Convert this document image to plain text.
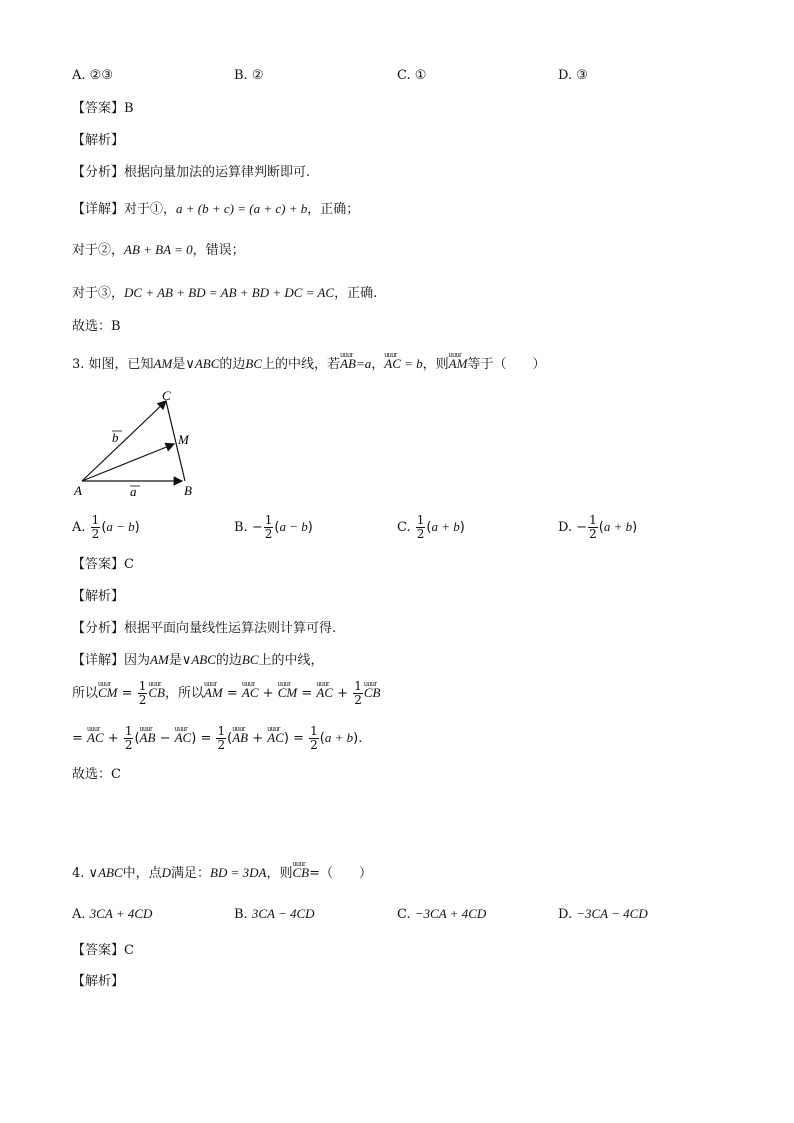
A. ②③	B. ②	C. ①	D. ③
【答案】B
【解析】
【分析】根据向量加法的运算律判断即可.
【详解】对于①，a + (b + c) = (a + c) + b，正确；
对于②，AB + BA = 0，错误；
对于③，DC + AB + BD = AB + BD + DC = AC，正确.
故选：B
3. 如图，已知AM是∨ABC的边BC上的中线，若uuur AB=a，uuur AC = b，则uuur AM等于（　　）
C
M
A	B
a
b
A. $\frac{1}{2} (a - b)$	B. − $\frac{1}{2} (a - b)$	C. $\frac{1}{2} (a + b)$	D. − $\frac{1}{2} (a + b)$
【答案】C
【解析】
【分析】根据平面向量线性运算法则计算可得.
【详解】因为AM是∨ABC的边BC上的中线，
所以uuur CM = $\frac{1}{2}$ uuur CB，所以uuur AM = uuur AC + uuur CM = uuur AC + $\frac{1}{2}$ uuur CB
= uuur AC + $\frac{1}{2}$ (uuur AB − uuur $AC) = \frac{1}{2}$ (uuur AB + uuur $AC) = \frac{1}{2} (a + b)$.
故选：C
4. ∨ABC中，点D满足：BD = 3DA，则uuur CB=（　　）
A. 3CA + 4CD	B. 3CA − 4CD	C. −3CA + 4CD	D. −3CA − 4CD
【答案】C
【解析】
